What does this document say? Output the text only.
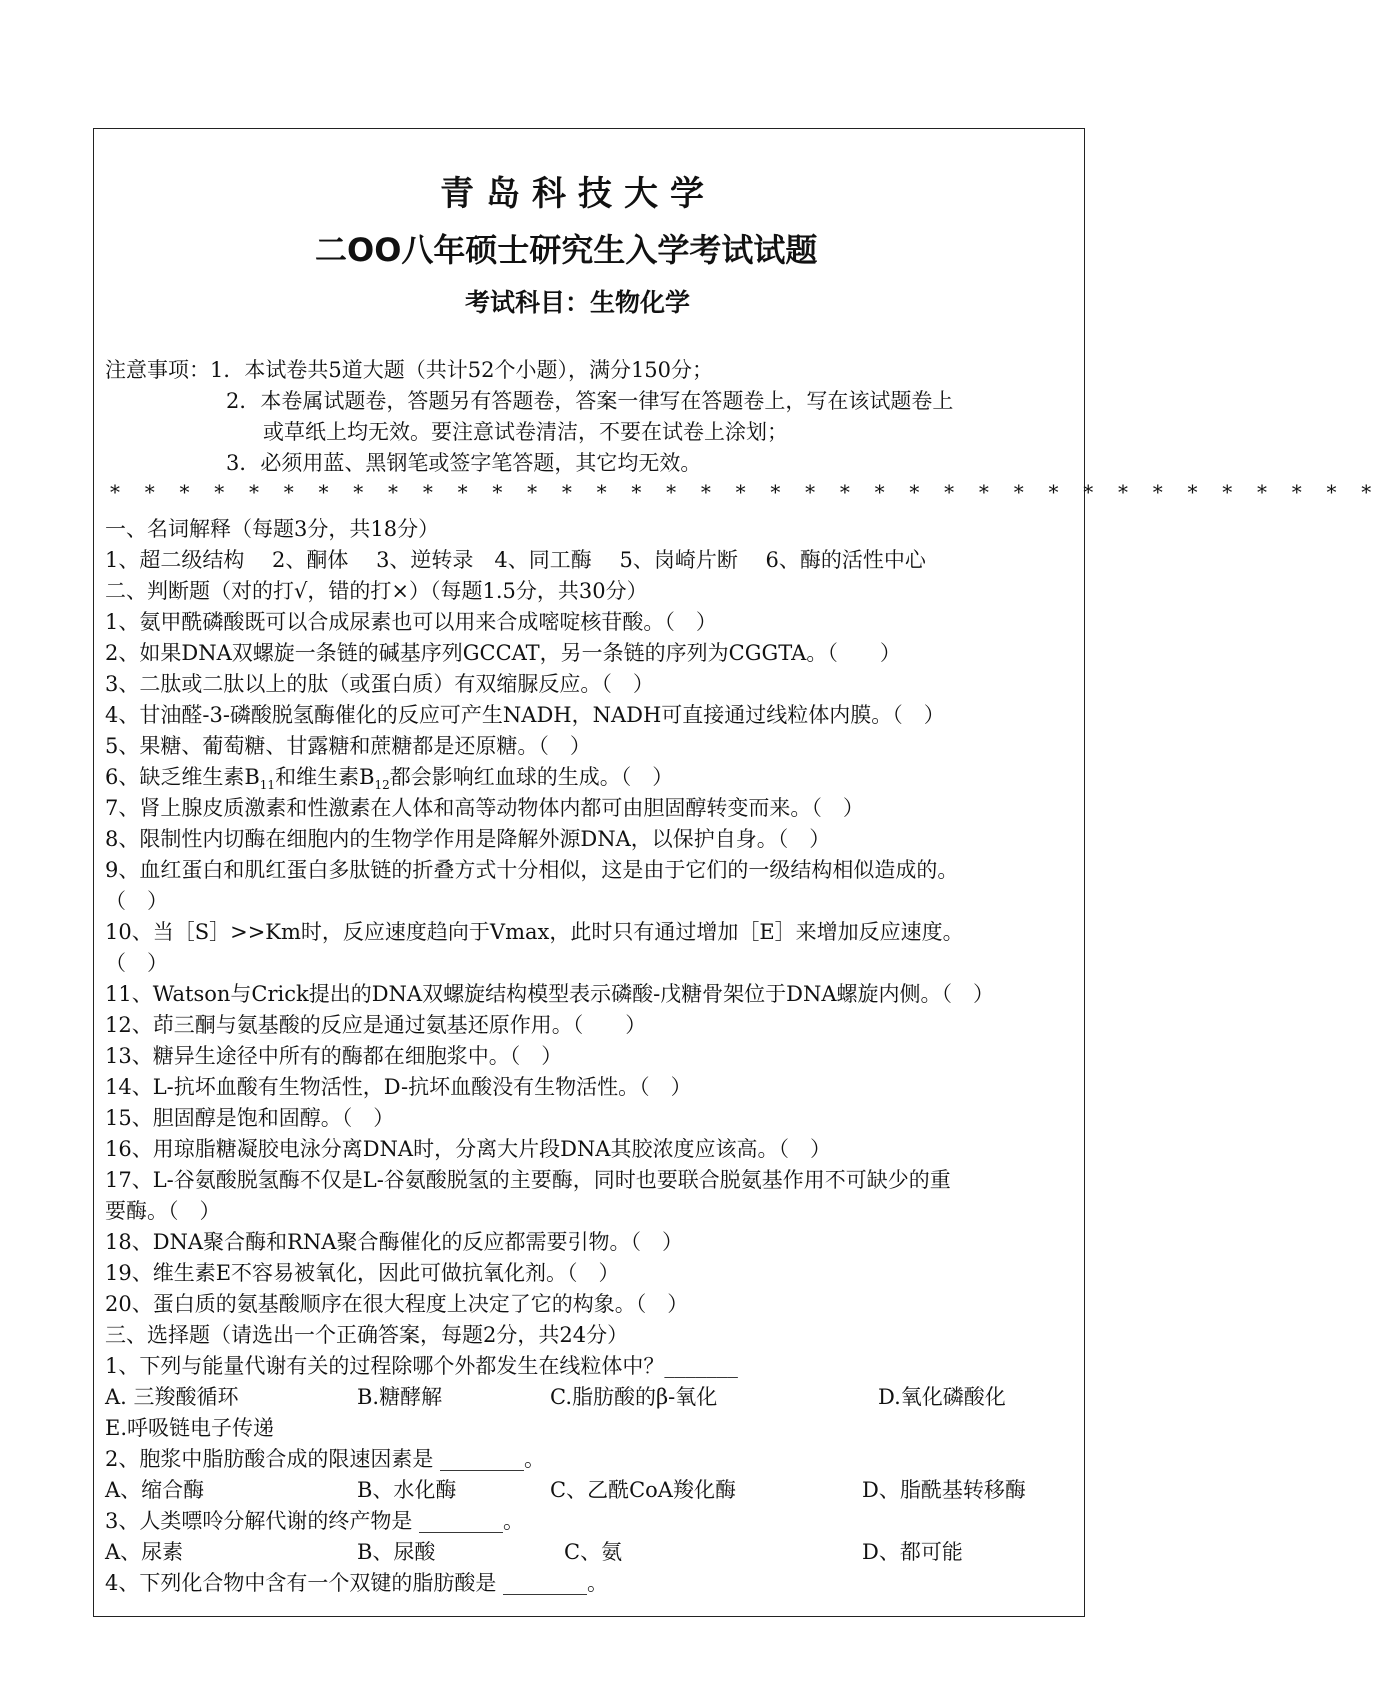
青岛科技大学
二OO八年硕士研究生入学考试试题
考试科目：生物化学
注意事项：1．本试卷共5道大题（共计52个小题），满分150分；
2．本卷属试题卷，答题另有答题卷，答案一律写在答题卷上，写在该试题卷上
或草纸上均无效。要注意试卷清洁，不要在试卷上涂划；
3．必须用蓝、黑钢笔或签字笔答题，其它均无效。
* * * * * * * * * * * * * * * * * * * * * * * * * * * * * * * * * * * * *
一、名词解释（每题3分，共18分）
1、超二级结构　 2、酮体　 3、逆转录　4、同工酶　 5、岗崎片断　 6、酶的活性中心
二、判断题（对的打√，错的打×）（每题1.5分，共30分）
1、氨甲酰磷酸既可以合成尿素也可以用来合成嘧啶核苷酸。（　）
2、如果DNA双螺旋一条链的碱基序列GCCAT，另一条链的序列为CGGTA。（　　）
3、二肽或二肽以上的肽（或蛋白质）有双缩脲反应。（　）
4、甘油醛-3-磷酸脱氢酶催化的反应可产生NADH，NADH可直接通过线粒体内膜。（　）
5、果糖、葡萄糖、甘露糖和蔗糖都是还原糖。（　）
6、缺乏维生素$B_{11}$和维生素$B_{12}$都会影响红血球的生成。（　）
7、肾上腺皮质激素和性激素在人体和高等动物体内都可由胆固醇转变而来。（　）
8、限制性内切酶在细胞内的生物学作用是降解外源DNA，以保护自身。（　）
9、血红蛋白和肌红蛋白多肽链的折叠方式十分相似，这是由于它们的一级结构相似造成的。
（　）
10、当［S］>>Km时，反应速度趋向于Vmax，此时只有通过增加［E］来增加反应速度。
（　）
11、Watson与Crick提出的DNA双螺旋结构模型表示磷酸-戊糖骨架位于DNA螺旋内侧。（　）
12、茚三酮与氨基酸的反应是通过氨基还原作用。（　　）
13、糖异生途径中所有的酶都在细胞浆中。（　）
14、L-抗坏血酸有生物活性，D-抗坏血酸没有生物活性。（　）
15、胆固醇是饱和固醇。（　）
16、用琼脂糖凝胶电泳分离DNA时，分离大片段DNA其胶浓度应该高。（　）
17、L-谷氨酸脱氢酶不仅是L-谷氨酸脱氢的主要酶，同时也要联合脱氨基作用不可缺少的重
要酶。（　）
18、DNA聚合酶和RNA聚合酶催化的反应都需要引物。（　）
19、维生素E不容易被氧化，因此可做抗氧化剂。（　）
20、蛋白质的氨基酸顺序在很大程度上决定了它的构象。（　）
三、选择题（请选出一个正确答案，每题2分，共24分）
1、下列与能量代谢有关的过程除哪个外都发生在线粒体中？_______
A. 三羧酸循环	B.糖酵解	C.脂肪酸的β-氧化	D.氧化磷酸化
E.呼吸链电子传递
2、胞浆中脂肪酸合成的限速因素是 ________。
A、缩合酶	B、水化酶	C、乙酰CoA羧化酶	D、脂酰基转移酶
3、人类嘌呤分解代谢的终产物是 ________。
A、尿素	B、尿酸	C、氨	D、都可能
4、下列化合物中含有一个双键的脂肪酸是 ________。
